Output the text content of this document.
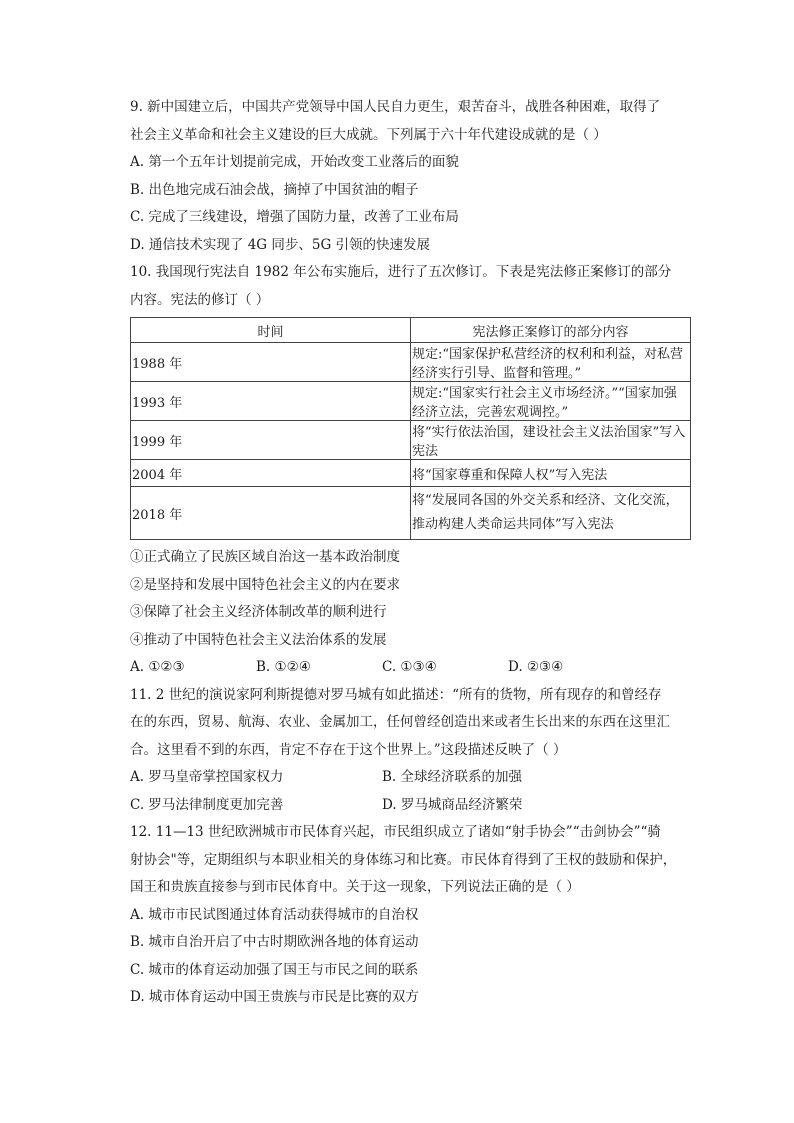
9. 新中国建立后，中国共产党领导中国人民自力更生，艰苦奋斗，战胜各种困难，取得了
社会主义革命和社会主义建设的巨大成就。下列属于六十年代建设成就的是（ ）
A. 第一个五年计划提前完成，开始改变工业落后的面貌
B. 出色地完成石油会战，摘掉了中国贫油的帽子
C. 完成了三线建设，增强了国防力量，改善了工业布局
D. 通信技术实现了 4G 同步、5G 引领的快速发展
10. 我国现行宪法自 1982 年公布实施后，进行了五次修订。下表是宪法修正案修订的部分
内容。宪法的修订（ ）
时间	宪法修正案修订的部分内容
1988 年	规定:“国家保护私营经济的权利和利益，对私营经济实行引导、监督和管理。”
1993 年	规定:“国家实行社会主义市场经济。”“国家加强经济立法，完善宏观调控。”
1999 年	将“实行依法治国，建设社会主义法治国家”写入宪法
2004 年	将“国家尊重和保障人权”写入宪法
2018 年	将“发展同各国的外交关系和经济、文化交流，推动构建人类命运共同体”写入宪法
①正式确立了民族区域自治这一基本政治制度
②是坚持和发展中国特色社会主义的内在要求
③保障了社会主义经济体制改革的顺利进行
④推动了中国特色社会主义法治体系的发展
A. ①②③	B. ①②④	C. ①③④	D. ②③④
11. 2 世纪的演说家阿利斯提德对罗马城有如此描述：“所有的货物，所有现存的和曾经存
在的东西，贸易、航海、农业、金属加工，任何曾经创造出来或者生长出来的东西在这里汇
合。这里看不到的东西，肯定不存在于这个世界上。”这段描述反映了（ ）
A. 罗马皇帝掌控国家权力	B. 全球经济联系的加强
C. 罗马法律制度更加完善	D. 罗马城商品经济繁荣
12. 11—13 世纪欧洲城市市民体育兴起，市民组织成立了诸如“射手协会”“击剑协会”“骑
射协会"等，定期组织与本职业相关的身体练习和比赛。市民体育得到了王权的鼓励和保护，
国王和贵族直接参与到市民体育中。关于这一现象，下列说法正确的是（ ）
A. 城市市民试图通过体育活动获得城市的自治权
B. 城市自治开启了中古时期欧洲各地的体育运动
C. 城市的体育运动加强了国王与市民之间的联系
D. 城市体育运动中国王贵族与市民是比赛的双方
